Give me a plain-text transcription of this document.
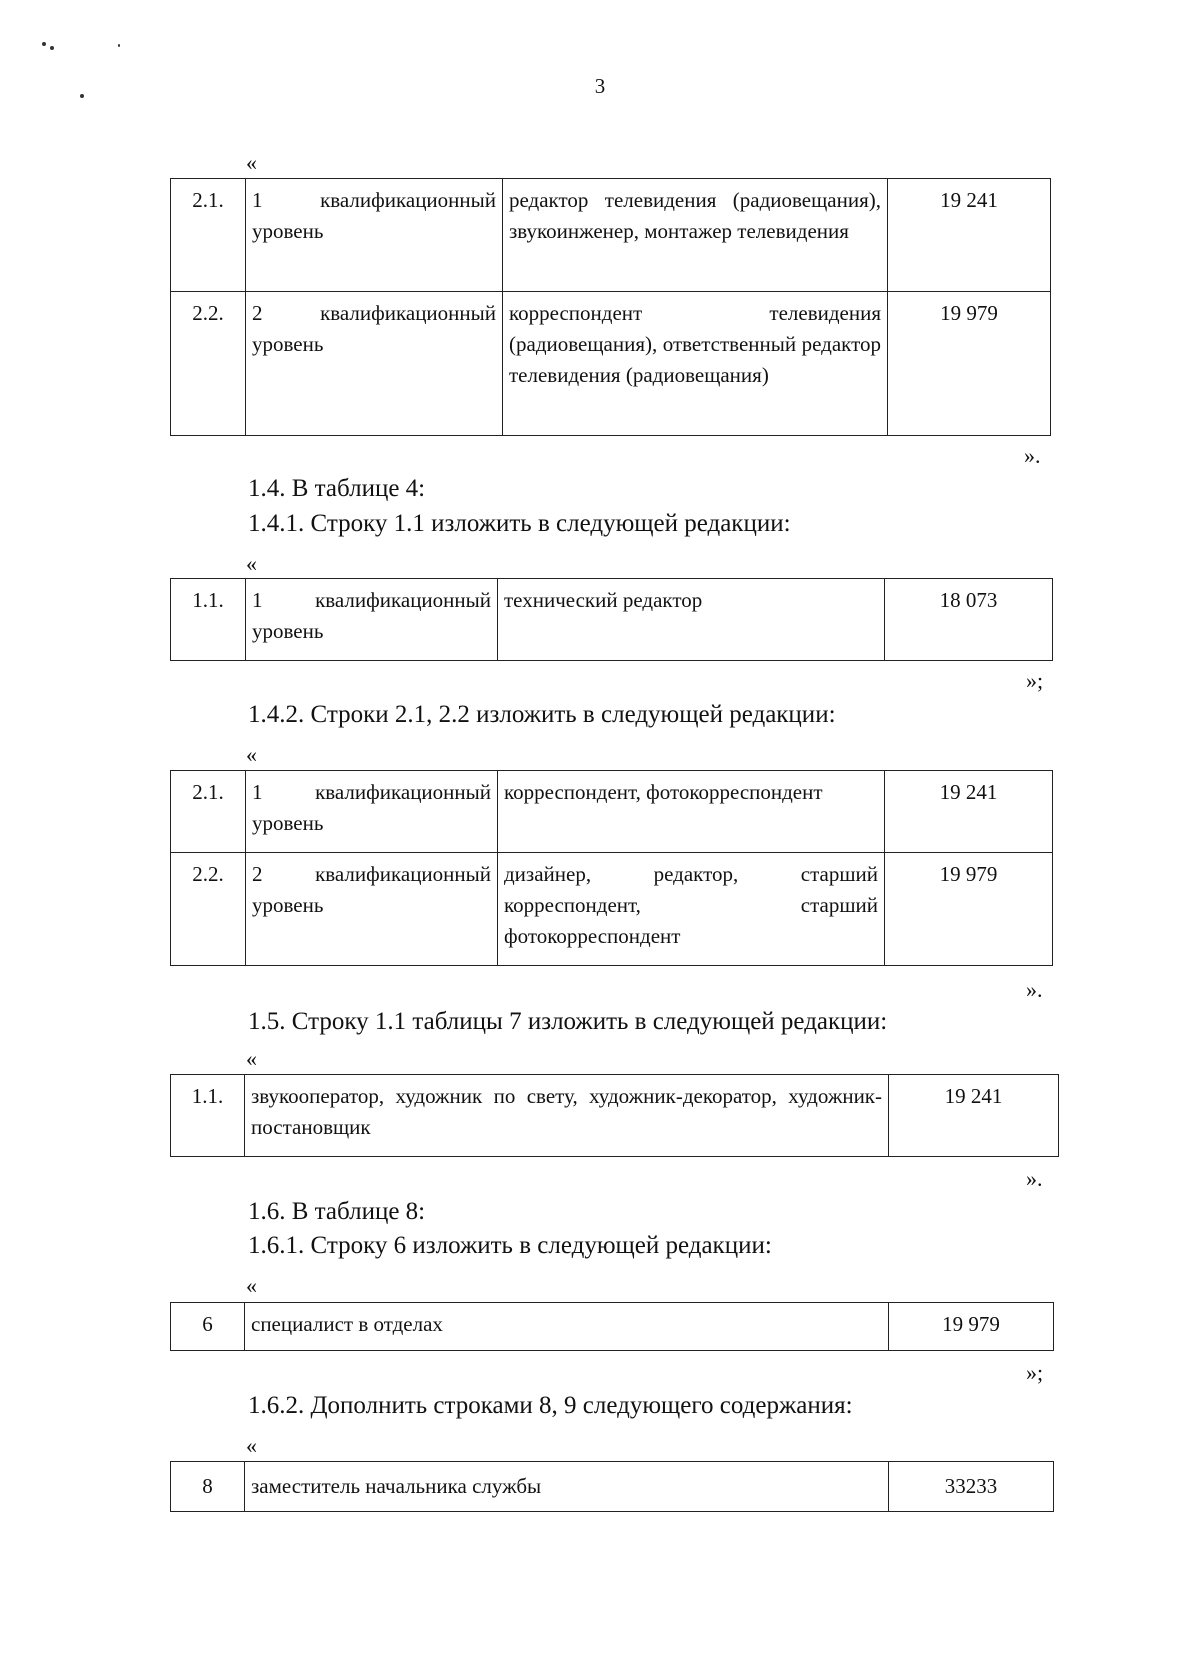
3
«
2.1.	1 квалификационный уровень	редактор телевидения (радиовещания), звукоинженер, монтажер телевидения	19 241
2.2.	2 квалификационный уровень	корреспондент телевидения (радиовещания), ответственный редактор телевидения (радиовещания)	19 979
».
1.4. В таблице 4:
1.4.1. Строку 1.1 изложить в следующей редакции:
«
1.1.	1 квалификационный уровень	технический редактор	18 073
»;
1.4.2. Строки 2.1, 2.2 изложить в следующей редакции:
«
2.1.	1 квалификационный уровень	корреспондент, фотокорреспондент	19 241
2.2.	2 квалификационный уровень	дизайнер, редактор, старший корреспондент, старший фотокорреспондент	19 979
».
1.5. Строку 1.1 таблицы 7 изложить в следующей редакции:
«
1.1.	звукооператор, художник по свету, художник-декоратор, художник-постановщик	19 241
».
1.6. В таблице 8:
1.6.1. Строку 6 изложить в следующей редакции:
«
6	специалист в отделах	19 979
»;
1.6.2. Дополнить строками 8, 9 следующего содержания:
«
8	заместитель начальника службы	33233
